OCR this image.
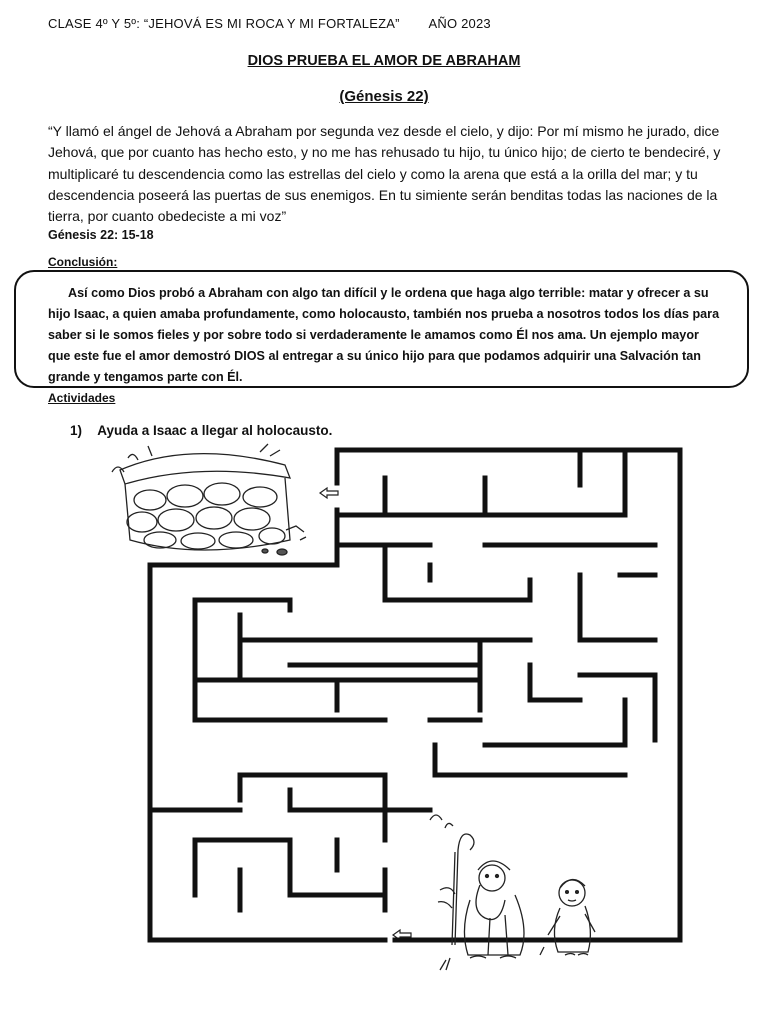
CLASE 4º Y 5º: “JEHOVÁ ES MI ROCA Y MI FORTALEZA” AÑO 2023
DIOS PRUEBA EL AMOR DE ABRAHAM
(Génesis 22)
“Y llamó el ángel de Jehová a Abraham por segunda vez desde el cielo, y dijo: Por mí mismo he jurado, dice Jehová, que por cuanto has hecho esto, y no me has rehusado tu hijo, tu único hijo; de cierto te bendeciré, y multiplicaré tu descendencia como las estrellas del cielo y como la arena que está a la orilla del mar; y tu descendencia poseerá las puertas de sus enemigos. En tu simiente serán benditas todas las naciones de la tierra, por cuanto obedeciste a mi voz”
Génesis 22: 15-18
Conclusión:
Así como Dios probó a Abraham con algo tan difícil y le ordena que haga algo terrible: matar y ofrecer a su hijo Isaac, a quien amaba profundamente, como holocausto, también nos prueba a nosotros todos los días para saber si le somos fieles y por sobre todo si verdaderamente le amamos como Él nos ama. Un ejemplo mayor que este fue el amor demostró DIOS al entregar a su único hijo para que podamos adquirir una Salvación tan grande y tengamos parte con Él.
Actividades
1) Ayuda a Isaac a llegar al holocausto.
